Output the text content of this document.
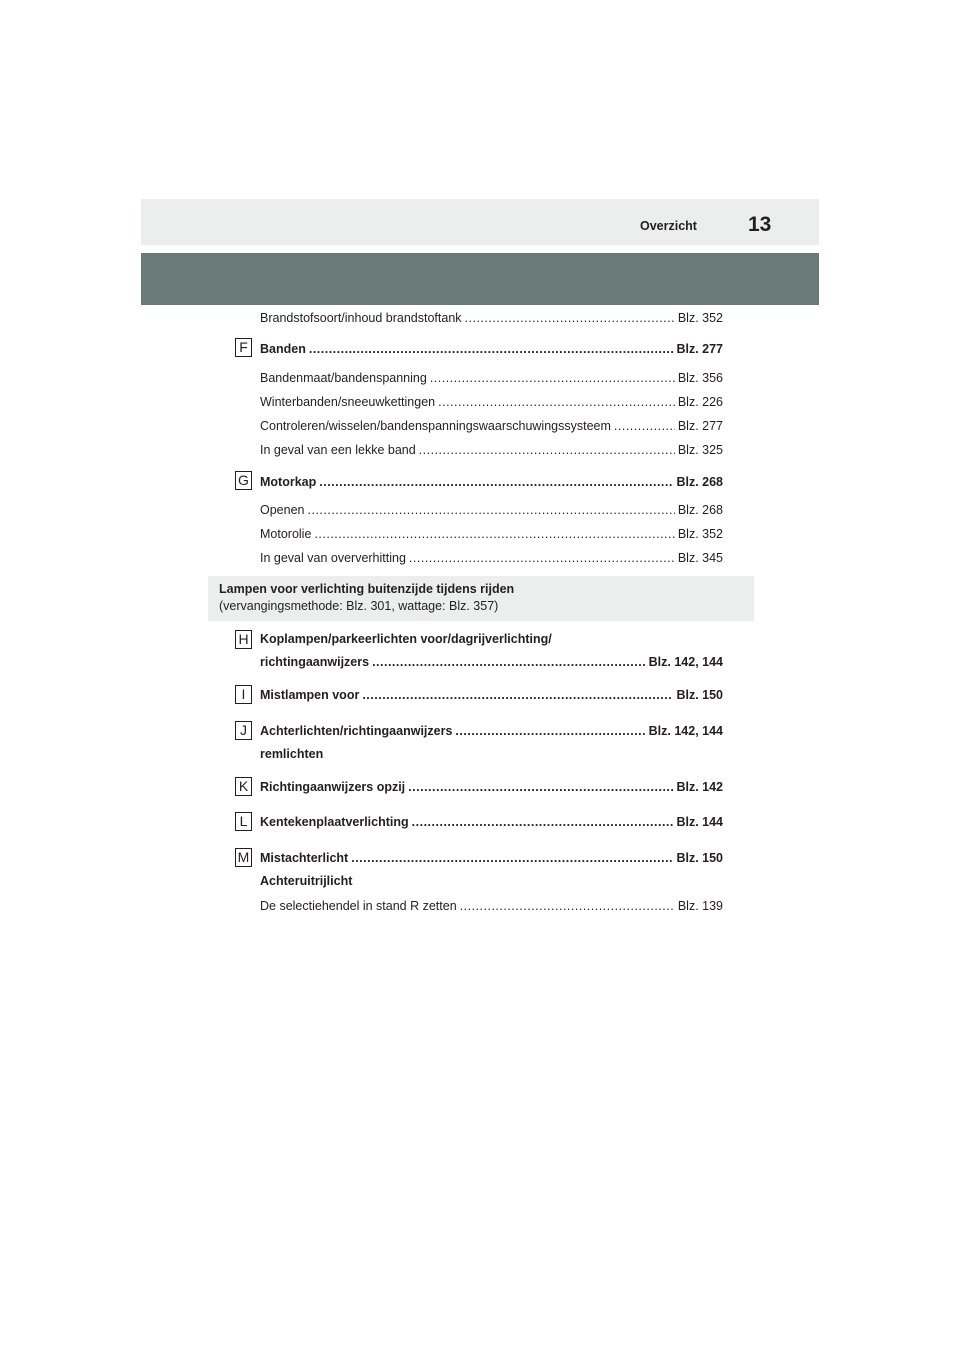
Overzicht 13
Brandstofsoort/inhoud brandstoftank .....	Blz. 352
F Banden .....	Blz. 277
Bandenmaat/bandenspanning .....	Blz. 356
Winterbanden/sneeuwkettingen .....	Blz. 226
Controleren/wisselen/bandenspanningswaarschuwingssysteem .....	Blz. 277
In geval van een lekke band .....	Blz. 325
G Motorkap .....	Blz. 268
Openen .....	Blz. 268
Motorolie .....	Blz. 352
In geval van oververhitting .....	Blz. 345
Lampen voor verlichting buitenzijde tijdens rijden
(vervangingsmethode: Blz. 301, wattage: Blz. 357)
H Koplampen/parkeerlichten voor/dagrijverlichting/
richtingaanwijzers .....	Blz. 142, 144
I	Mistlampen voor .....	Blz. 150
J	Achterlichten/richtingaanwijzers .....	Blz. 142, 144
remlichten
K Richtingaanwijzers opzij .....	Blz. 142
L	Kentekenplaatverlichting .....	Blz. 144
M Mistachterlicht .....	Blz. 150
Achteruitrijlicht
De selectiehendel in stand R zetten .....	Blz. 139
